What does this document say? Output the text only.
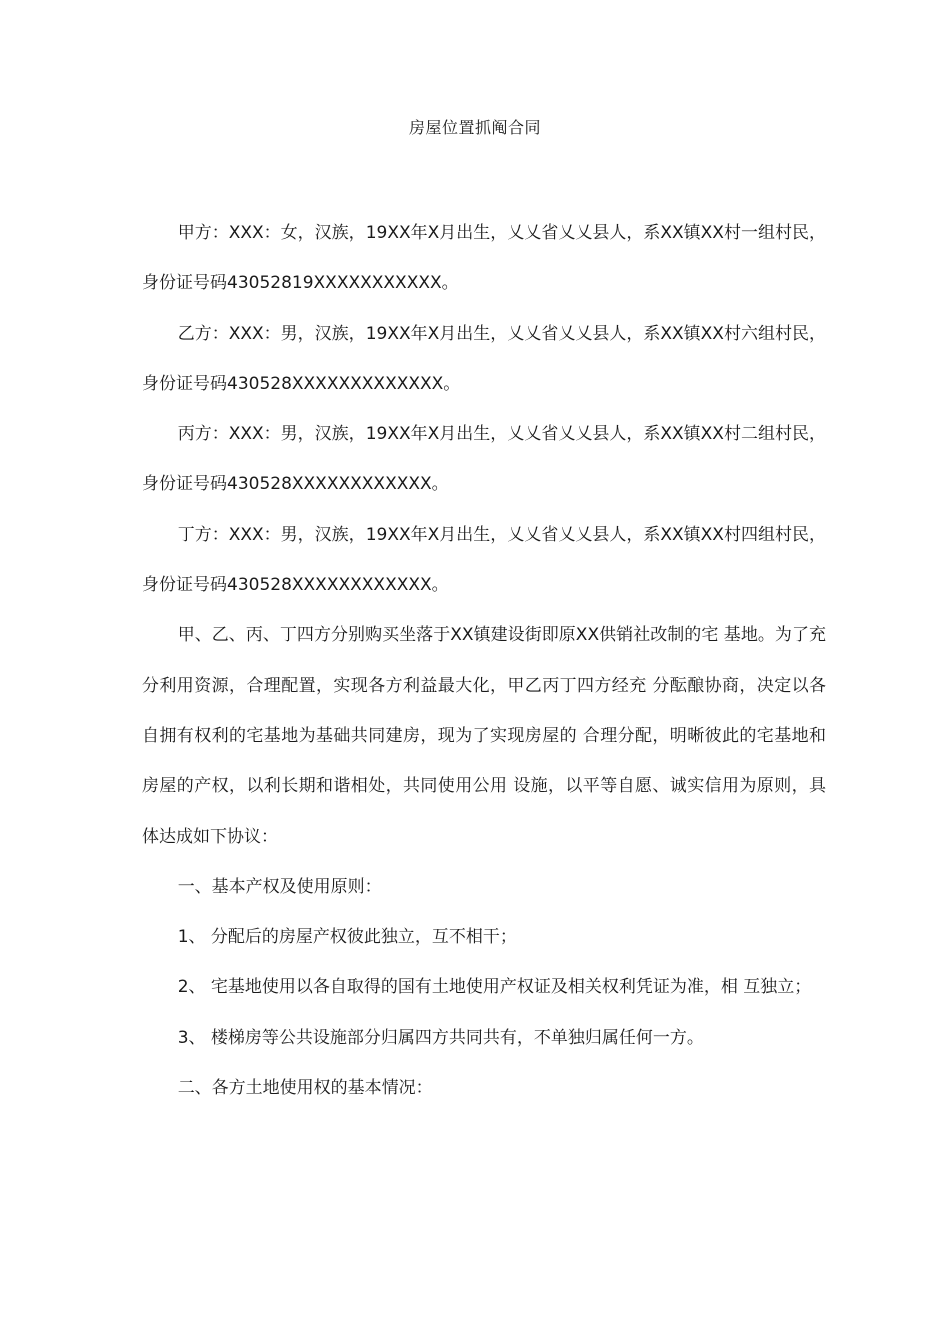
房屋位置抓阄合同

甲方：XXX：女，汉族，19XX年X月出生，乂乂省乂乂县人，系XX镇XX村一组村民，身份证号码43052819XXXXXXXXXXX。

乙方：XXX：男，汉族，19XX年X月出生，乂乂省乂乂县人，系XX镇XX村六组村民，身份证号码430528XXXXXXXXXXXXX。

丙方：XXX：男，汉族，19XX年X月出生，乂乂省乂乂县人，系XX镇XX村二组村民，身份证号码430528XXXXXXXXXXXX。

丁方：XXX：男，汉族，19XX年X月出生，乂乂省乂乂县人，系XX镇XX村四组村民，身份证号码430528XXXXXXXXXXXX。

甲、乙、丙、丁四方分别购买坐落于XX镇建设街即原XX供销社改制的宅 基地。为了充分利用资源，合理配置，实现各方利益最大化，甲乙丙丁四方经充 分酝酿协商，决定以各自拥有权利的宅基地为基础共同建房，现为了实现房屋的 合理分配，明晰彼此的宅基地和房屋的产权，以利长期和谐相处，共同使用公用 设施，以平等自愿、诚实信用为原则，具体达成如下协议：

一、基本产权及使用原则：

1、 分配后的房屋产权彼此独立，互不相干；

2、 宅基地使用以各自取得的国有土地使用产权证及相关权利凭证为准，相 互独立；

3、 楼梯房等公共设施部分归属四方共同共有，不单独归属任何一方。

二、各方土地使用权的基本情况：
